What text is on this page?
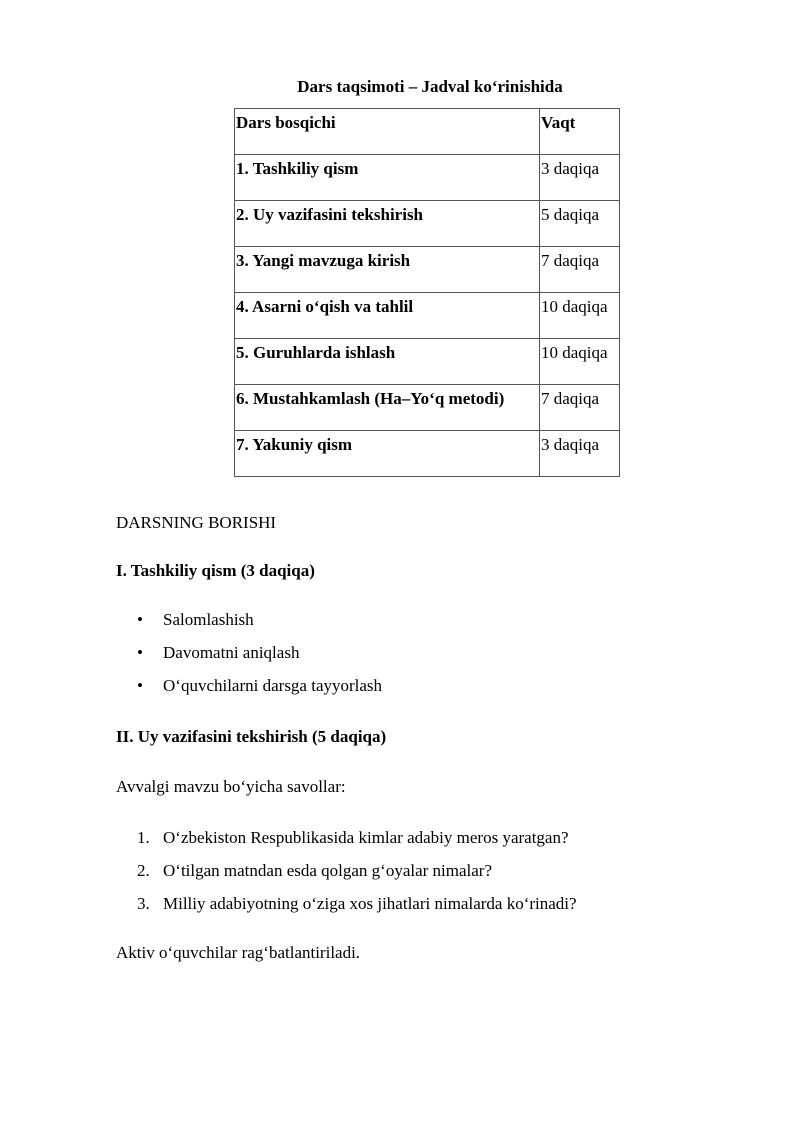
Dars taqsimoti – Jadval koʻrinishida

Dars bosqichi	Vaqt
1. Tashkiliy qism	3 daqiqa
2. Uy vazifasini tekshirish	5 daqiqa
3. Yangi mavzuga kirish	7 daqiqa
4. Asarni oʻqish va tahlil	10 daqiqa
5. Guruhlarda ishlash	10 daqiqa
6. Mustahkamlash (Ha–Yoʻq metodi)	7 daqiqa
7. Yakuniy qism	3 daqiqa

DARSNING BORISHI

I. Tashkiliy qism (3 daqiqa)

• Salomlashish
• Davomatni aniqlash
• Oʻquvchilarni darsga tayyorlash

II. Uy vazifasini tekshirish (5 daqiqa)

Avvalgi mavzu boʻyicha savollar:

1. Oʻzbekiston Respublikasida kimlar adabiy meros yaratgan?
2. Oʻtilgan matndan esda qolgan gʻoyalar nimalar?
3. Milliy adabiyotning oʻziga xos jihatlari nimalarda koʻrinadi?

Aktiv oʻquvchilar ragʻbatlantiriladi.
